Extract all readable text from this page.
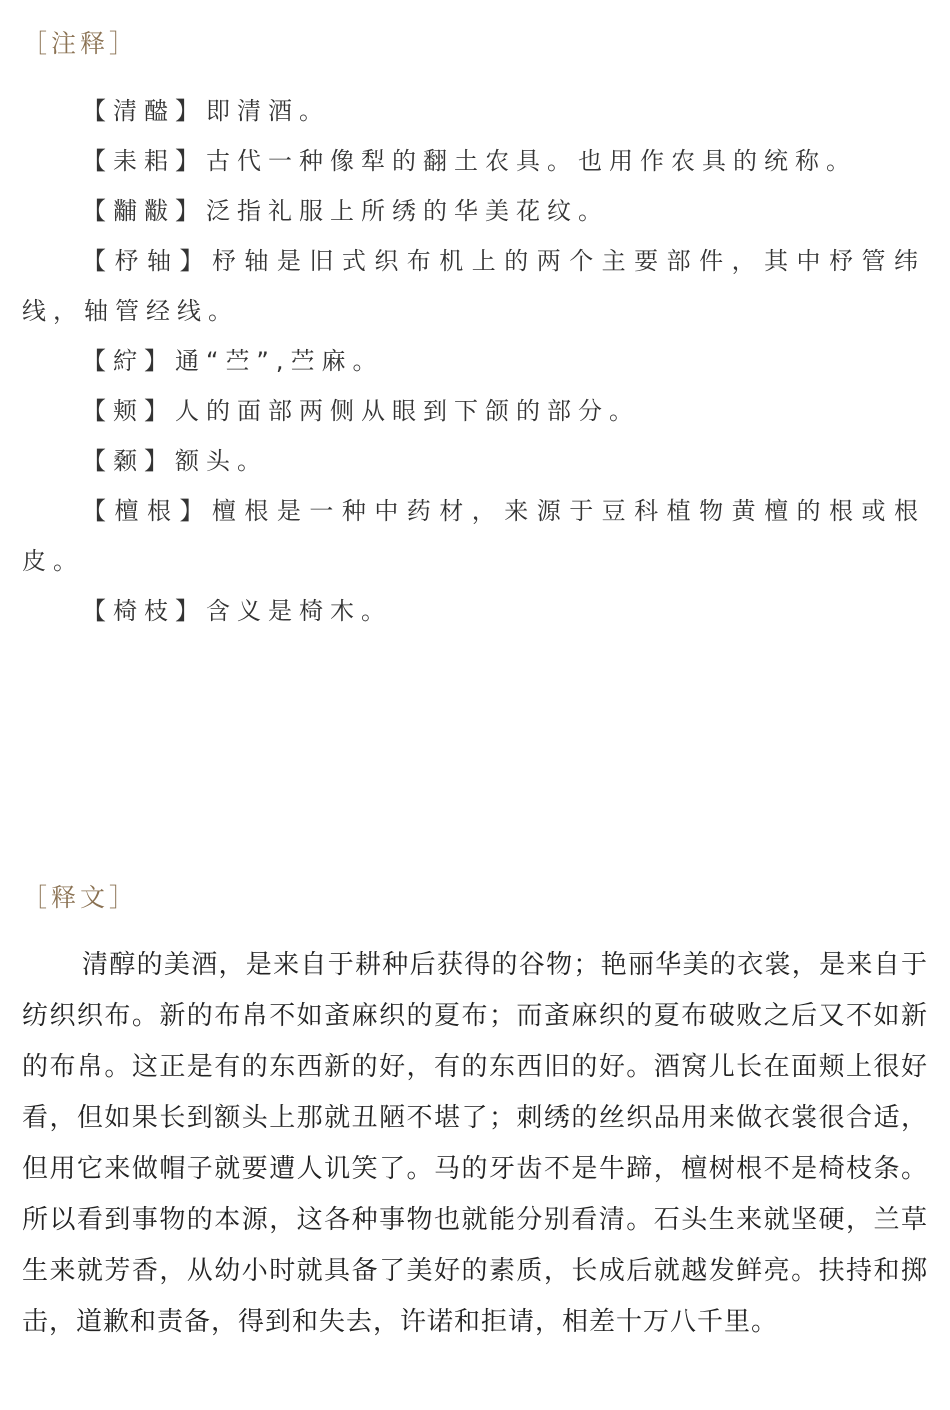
［注释］

【清醠】即清酒。

【耒耜】古代一种像犁的翻土农具。也用作农具的统称。

【黼黻】泛指礼服上所绣的华美花纹。

【杼轴】杼轴是旧式织布机上的两个主要部件，其中杼管纬线，轴管经线。

【紵】通“苎”,苎麻。

【颊】人的面部两侧从眼到下颌的部分。

【颡】额头。

【檀根】檀根是一种中药材，来源于豆科植物黄檀的根或根皮。

【椅枝】含义是椅木。

［释文］

清醇的美酒，是来自于耕种后获得的谷物；艳丽华美的衣裳，是来自于纺织织布。新的布帛不如蚉麻织的夏布；而蚉麻织的夏布破败之后又不如新的布帛。这正是有的东西新的好，有的东西旧的好。酒窝儿长在面颊上很好看，但如果长到额头上那就丑陋不堪了；刺绣的丝织品用来做衣裳很合适，但用它来做帽子就要遭人讥笑了。马的牙齿不是牛蹄，檀树根不是椅枝条。所以看到事物的本源，这各种事物也就能分别看清。石头生来就坚硬，兰草生来就芳香，从幼小时就具备了美好的素质，长成后就越发鲜亮。扶持和掷击，道歉和责备，得到和失去，许诺和拒请，相差十万八千里。
